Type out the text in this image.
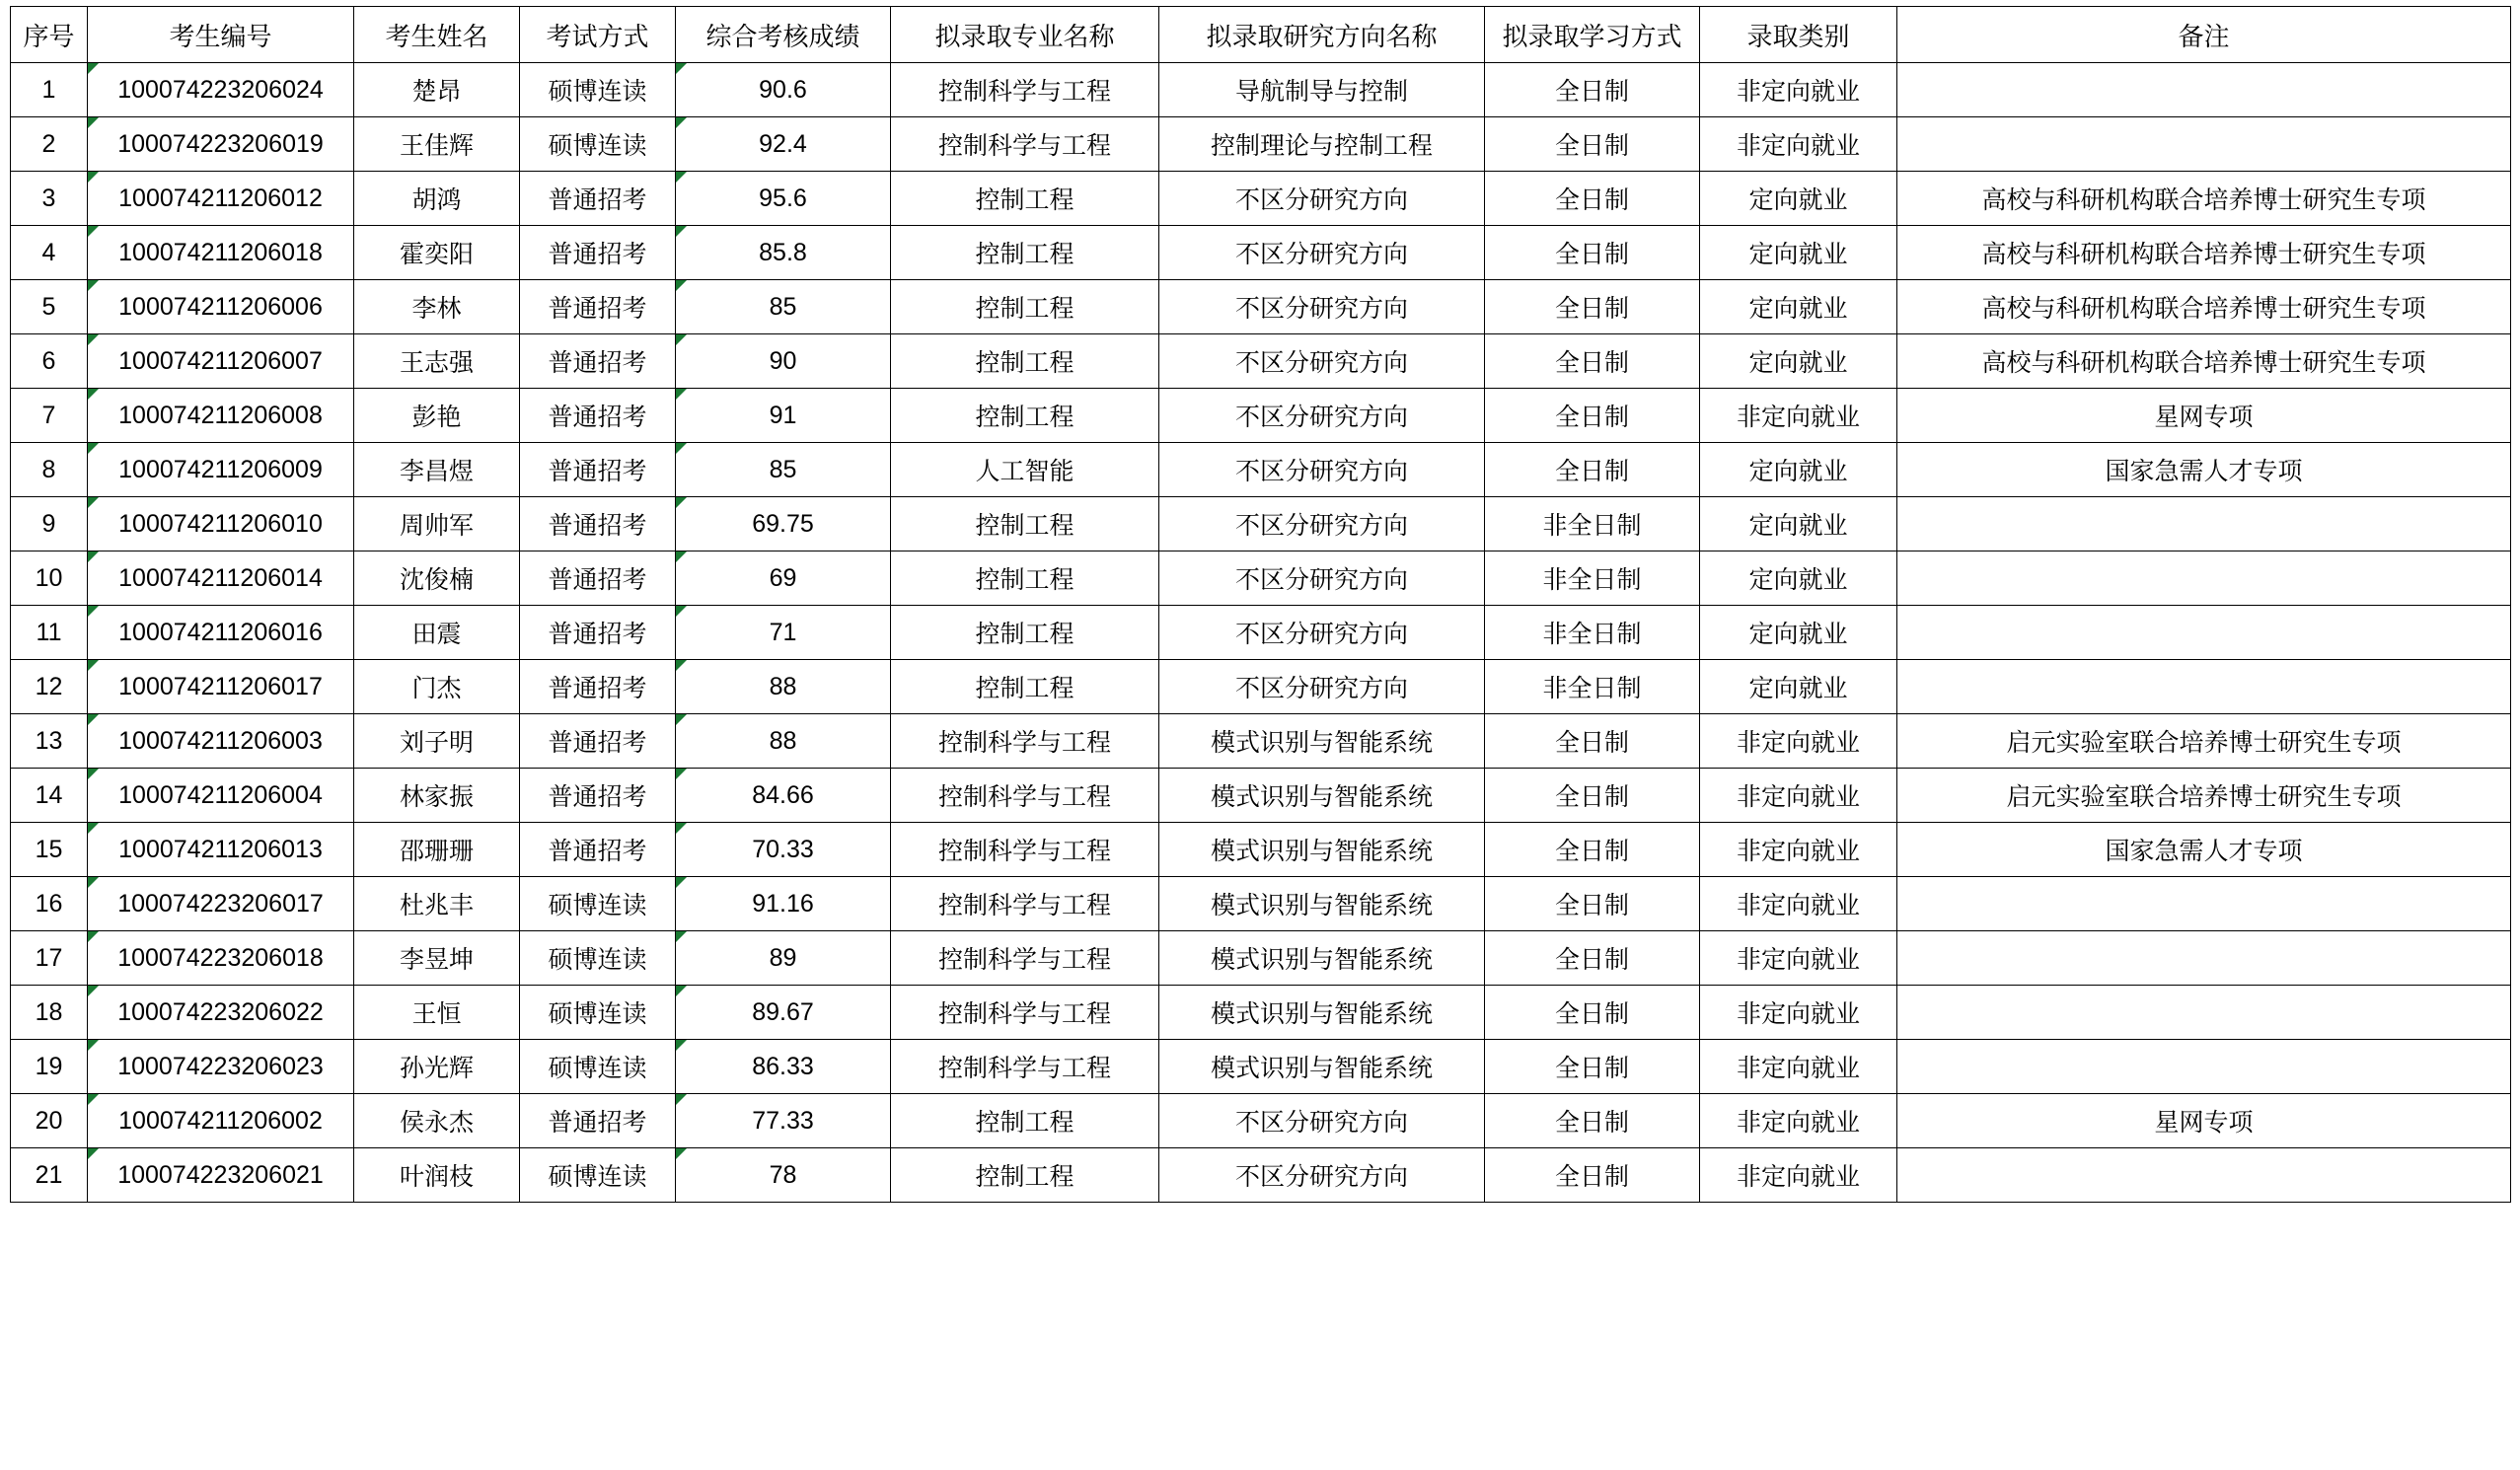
序号	考生编号	考生姓名	考试方式	综合考核成绩	拟录取专业名称	拟录取研究方向名称	拟录取学习方式	录取类别	备注
1	100074223206024	楚昂	硕博连读	90.6	控制科学与工程	导航制导与控制	全日制	非定向就业	
2	100074223206019	王佳辉	硕博连读	92.4	控制科学与工程	控制理论与控制工程	全日制	非定向就业	
3	100074211206012	胡鸿	普通招考	95.6	控制工程	不区分研究方向	全日制	定向就业	高校与科研机构联合培养博士研究生专项
4	100074211206018	霍奕阳	普通招考	85.8	控制工程	不区分研究方向	全日制	定向就业	高校与科研机构联合培养博士研究生专项
5	100074211206006	李林	普通招考	85	控制工程	不区分研究方向	全日制	定向就业	高校与科研机构联合培养博士研究生专项
6	100074211206007	王志强	普通招考	90	控制工程	不区分研究方向	全日制	定向就业	高校与科研机构联合培养博士研究生专项
7	100074211206008	彭艳	普通招考	91	控制工程	不区分研究方向	全日制	非定向就业	星网专项
8	100074211206009	李昌煜	普通招考	85	人工智能	不区分研究方向	全日制	定向就业	国家急需人才专项
9	100074211206010	周帅军	普通招考	69.75	控制工程	不区分研究方向	非全日制	定向就业	
10	100074211206014	沈俊楠	普通招考	69	控制工程	不区分研究方向	非全日制	定向就业	
11	100074211206016	田震	普通招考	71	控制工程	不区分研究方向	非全日制	定向就业	
12	100074211206017	门杰	普通招考	88	控制工程	不区分研究方向	非全日制	定向就业	
13	100074211206003	刘子明	普通招考	88	控制科学与工程	模式识别与智能系统	全日制	非定向就业	启元实验室联合培养博士研究生专项
14	100074211206004	林家振	普通招考	84.66	控制科学与工程	模式识别与智能系统	全日制	非定向就业	启元实验室联合培养博士研究生专项
15	100074211206013	邵珊珊	普通招考	70.33	控制科学与工程	模式识别与智能系统	全日制	非定向就业	国家急需人才专项
16	100074223206017	杜兆丰	硕博连读	91.16	控制科学与工程	模式识别与智能系统	全日制	非定向就业	
17	100074223206018	李昱坤	硕博连读	89	控制科学与工程	模式识别与智能系统	全日制	非定向就业	
18	100074223206022	王恒	硕博连读	89.67	控制科学与工程	模式识别与智能系统	全日制	非定向就业	
19	100074223206023	孙光辉	硕博连读	86.33	控制科学与工程	模式识别与智能系统	全日制	非定向就业	
20	100074211206002	侯永杰	普通招考	77.33	控制工程	不区分研究方向	全日制	非定向就业	星网专项
21	100074223206021	叶润枝	硕博连读	78	控制工程	不区分研究方向	全日制	非定向就业	
